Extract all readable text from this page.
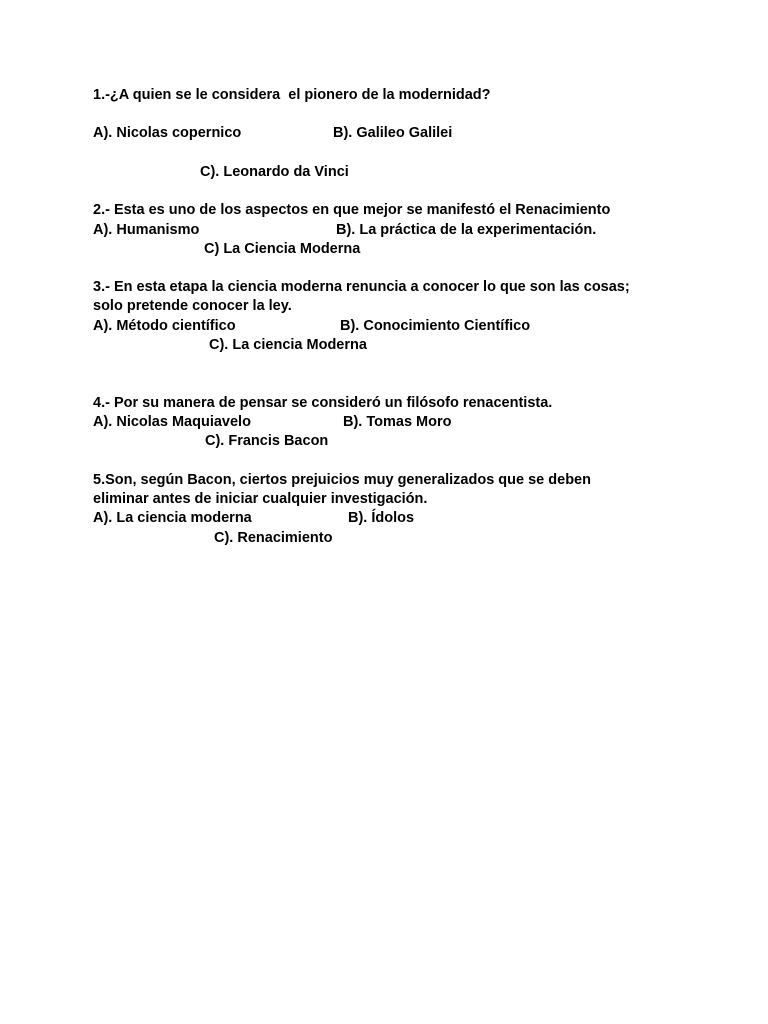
1.-¿A quien se le considera  el pionero de la modernidad?
A). Nicolas copernico	B). Galileo Galilei
C). Leonardo da Vinci
2.- Esta es uno de los aspectos en que mejor se manifestó el Renacimiento
A). Humanismo	B). La práctica de la experimentación.
C) La Ciencia Moderna
3.- En esta etapa la ciencia moderna renuncia a conocer lo que son las cosas;
solo pretende conocer la ley.
A). Método científico	B). Conocimiento Científico
C). La ciencia Moderna
4.- Por su manera de pensar se consideró un filósofo renacentista.
A). Nicolas Maquiavelo	B). Tomas Moro
C). Francis Bacon
5.Son, según Bacon, ciertos prejuicios muy generalizados que se deben
eliminar antes de iniciar cualquier investigación.
A). La ciencia moderna	B). Ídolos
C). Renacimiento
